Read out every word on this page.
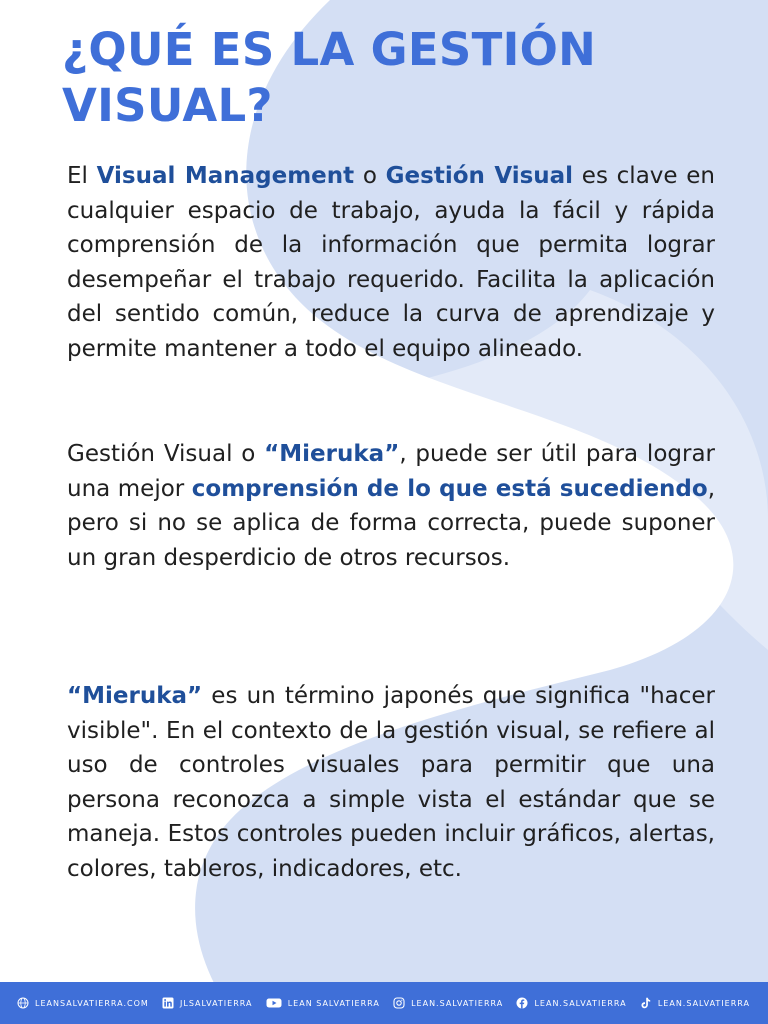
¿QUÉ ES LA GESTIÓN VISUAL?

El Visual Management o Gestión Visual es clave en cualquier espacio de trabajo, ayuda la fácil y rápida comprensión de la información que permita lograr desempeñar el trabajo requerido. Facilita la aplicación del sentido común, reduce la curva de aprendizaje y permite mantener a todo el equipo alineado.

Gestión Visual o “Mieruka”, puede ser útil para lograr una mejor comprensión de lo que está sucediendo, pero si no se aplica de forma correcta, puede suponer un gran desperdicio de otros recursos.

“Mieruka” es un término japonés que significa "hacer visible". En el contexto de la gestión visual, se refiere al uso de controles visuales para permitir que una persona reconozca a simple vista el estándar que se maneja. Estos controles pueden incluir gráficos, alertas, colores, tableros, indicadores, etc.

LEANSALVATIERRA.COM	JLSALVATIERRA	LEAN SALVATIERRA	LEAN.SALVATIERRA	LEAN.SALVATIERRA	LEAN.SALVATIERRA
